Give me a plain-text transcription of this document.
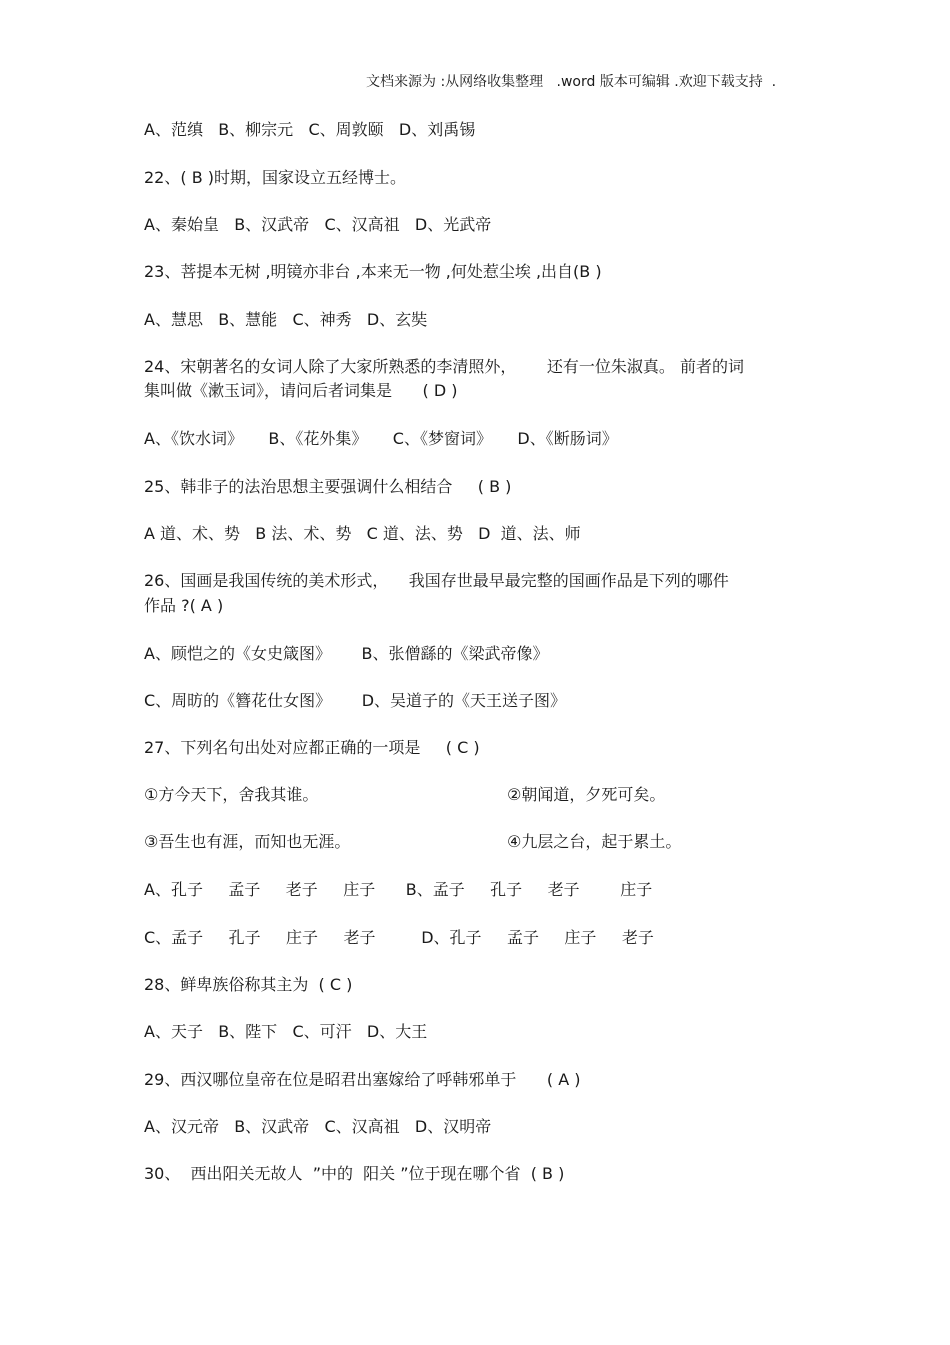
文档来源为 :从网络收集整理   .word 版本可编辑 .欢迎下载支持  .
A、范缜   B、柳宗元   C、周敦颐   D、刘禹锡
22、( B )时期，国家设立五经博士。
A、秦始皇   B、汉武帝   C、汉高祖   D、光武帝
23、菩提本无树 ,明镜亦非台 ,本来无一物 ,何处惹尘埃 ,出自(B )
A、慧思   B、慧能   C、神秀   D、玄奘
24、宋朝著名的女词人除了大家所熟悉的李清照外，      还有一位朱淑真。 前者的词
集叫做《漱玉词》，请问后者词集是      ( D )
A、《饮水词》     B、《花外集》     C、《梦窗词》     D、《断肠词》
25、韩非子的法治思想主要强调什么相结合     ( B )
A 道、术、势   B 法、术、势   C 道、法、势   D  道、法、师
26、国画是我国传统的美术形式，    我国存世最早最完整的国画作品是下列的哪件
作品 ?( A )
A、顾恺之的《女史箴图》      B、张僧繇的《梁武帝像》
C、周昉的《簪花仕女图》      D、吴道子的《天王送子图》
27、下列名句出处对应都正确的一项是     ( C )
①方今天下，舍我其谁。	②朝闻道，夕死可矣。
③吾生也有涯，而知也无涯。	④九层之台，起于累土。
A、孔子     孟子     老子     庄子      B、孟子     孔子     老子        庄子
C、孟子     孔子     庄子     老子         D、孔子     孟子     庄子     老子
28、鲜卑族俗称其主为  ( C )
A、天子   B、陛下   C、可汗   D、大王
29、西汉哪位皇帝在位是昭君出塞嫁给了呼韩邪单于      ( A )
A、汉元帝   B、汉武帝   C、汉高祖   D、汉明帝
30、  西出阳关无故人  ”中的  阳关 ”位于现在哪个省  ( B )
